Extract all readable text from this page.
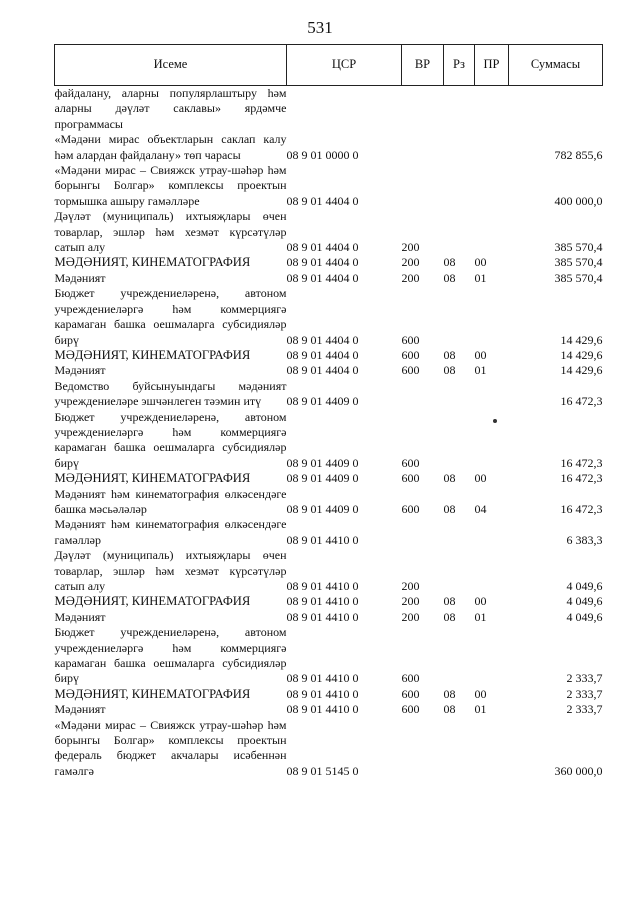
531
Исеме	ЦСР	ВР	Рз	ПР	Суммасы
файдалану, аларны популярлаштыру һәм аларны дәүләт саклавы» ярдәмче программасы					
«Мәдәни мирас объектларын саклап калу һәм алардан файдалану» төп чарасы	08 9 01 0000 0				782 855,6
«Мәдәни мирас – Свияжск утрау-шәһәр һәм борынгы Болгар» комплексы проектын тормышка ашыру гамәлләре	08 9 01 4404 0				400 000,0
Дәүләт (муниципаль) ихтыяҗлары өчен товарлар, эшләр һәм хезмәт күрсәтүләр сатып алу	08 9 01 4404 0	200			385 570,4
МӘДӘНИЯТ, КИНЕМАТОГРАФИЯ	08 9 01 4404 0	200	08	00	385 570,4
Мәдәният	08 9 01 4404 0	200	08	01	385 570,4
Бюджет учреждениеләренә, автоном учреждениеләргә һәм коммерциягә карамаган башка оешмаларга субсидияләр бирү	08 9 01 4404 0	600			14 429,6
МӘДӘНИЯТ, КИНЕМАТОГРАФИЯ	08 9 01 4404 0	600	08	00	14 429,6
Мәдәният	08 9 01 4404 0	600	08	01	14 429,6
Ведомство буйсынуындагы мәдәният учреждениеләре эшчәнлеген тәэмин итү	08 9 01 4409 0				16 472,3
Бюджет учреждениеләренә, автоном учреждениеләргә һәм коммерциягә карамаган башка оешмаларга субсидияләр бирү	08 9 01 4409 0	600			16 472,3
МӘДӘНИЯТ, КИНЕМАТОГРАФИЯ	08 9 01 4409 0	600	08	00	16 472,3
Мәдәният һәм кинематография өлкәсендәге башка мәсьәләләр	08 9 01 4409 0	600	08	04	16 472,3
Мәдәният һәм кинематография өлкәсендәге гамәлләр	08 9 01 4410 0				6 383,3
Дәүләт (муниципаль) ихтыяҗлары өчен товарлар, эшләр һәм хезмәт күрсәтүләр сатып алу	08 9 01 4410 0	200			4 049,6
МӘДӘНИЯТ, КИНЕМАТОГРАФИЯ	08 9 01 4410 0	200	08	00	4 049,6
Мәдәният	08 9 01 4410 0	200	08	01	4 049,6
Бюджет учреждениеләренә, автоном учреждениеләргә һәм коммерциягә карамаган башка оешмаларга субсидияләр бирү	08 9 01 4410 0	600			2 333,7
МӘДӘНИЯТ, КИНЕМАТОГРАФИЯ	08 9 01 4410 0	600	08	00	2 333,7
Мәдәният	08 9 01 4410 0	600	08	01	2 333,7
«Мәдәни мирас – Свияжск утрау-шәһәр һәм борынгы Болгар» комплексы проектын федераль бюджет акчалары исәбеннән гамәлгә	08 9 01 5145 0				360 000,0
